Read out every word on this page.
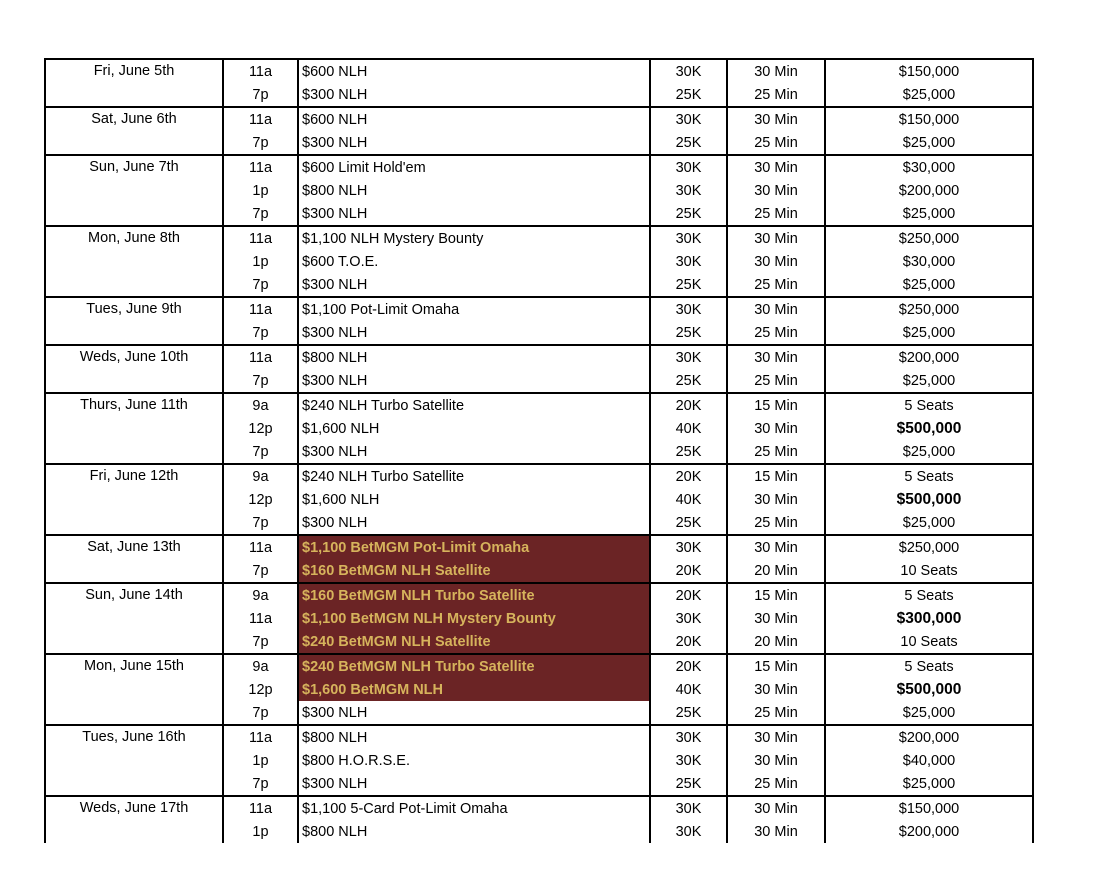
Fri, June 5th	11a	$600 NLH	30K	30 Min	$150,000
	7p	$300 NLH	25K	25 Min	$25,000
Sat, June 6th	11a	$600 NLH	30K	30 Min	$150,000
	7p	$300 NLH	25K	25 Min	$25,000
Sun, June 7th	11a	$600 Limit Hold'em	30K	30 Min	$30,000
	1p	$800 NLH	30K	30 Min	$200,000
	7p	$300 NLH	25K	25 Min	$25,000
Mon, June 8th	11a	$1,100 NLH Mystery Bounty	30K	30 Min	$250,000
	1p	$600 T.O.E.	30K	30 Min	$30,000
	7p	$300 NLH	25K	25 Min	$25,000
Tues, June 9th	11a	$1,100 Pot-Limit Omaha	30K	30 Min	$250,000
	7p	$300 NLH	25K	25 Min	$25,000
Weds, June 10th	11a	$800 NLH	30K	30 Min	$200,000
	7p	$300 NLH	25K	25 Min	$25,000
Thurs, June 11th	9a	$240 NLH Turbo Satellite	20K	15 Min	5 Seats
	12p	$1,600 NLH	40K	30 Min	$500,000
	7p	$300 NLH	25K	25 Min	$25,000
Fri, June 12th	9a	$240 NLH Turbo Satellite	20K	15 Min	5 Seats
	12p	$1,600 NLH	40K	30 Min	$500,000
	7p	$300 NLH	25K	25 Min	$25,000
Sat, June 13th	11a	$1,100 BetMGM Pot-Limit Omaha	30K	30 Min	$250,000
	7p	$160 BetMGM NLH Satellite	20K	20 Min	10 Seats
Sun, June 14th	9a	$160 BetMGM NLH Turbo Satellite	20K	15 Min	5 Seats
	11a	$1,100 BetMGM NLH Mystery Bounty	30K	30 Min	$300,000
	7p	$240 BetMGM NLH Satellite	20K	20 Min	10 Seats
Mon, June 15th	9a	$240 BetMGM NLH Turbo Satellite	20K	15 Min	5 Seats
	12p	$1,600 BetMGM NLH	40K	30 Min	$500,000
	7p	$300 NLH	25K	25 Min	$25,000
Tues, June 16th	11a	$800 NLH	30K	30 Min	$200,000
	1p	$800 H.O.R.S.E.	30K	30 Min	$40,000
	7p	$300 NLH	25K	25 Min	$25,000
Weds, June 17th	11a	$1,100 5-Card Pot-Limit Omaha	30K	30 Min	$150,000
	1p	$800 NLH	30K	30 Min	$200,000
